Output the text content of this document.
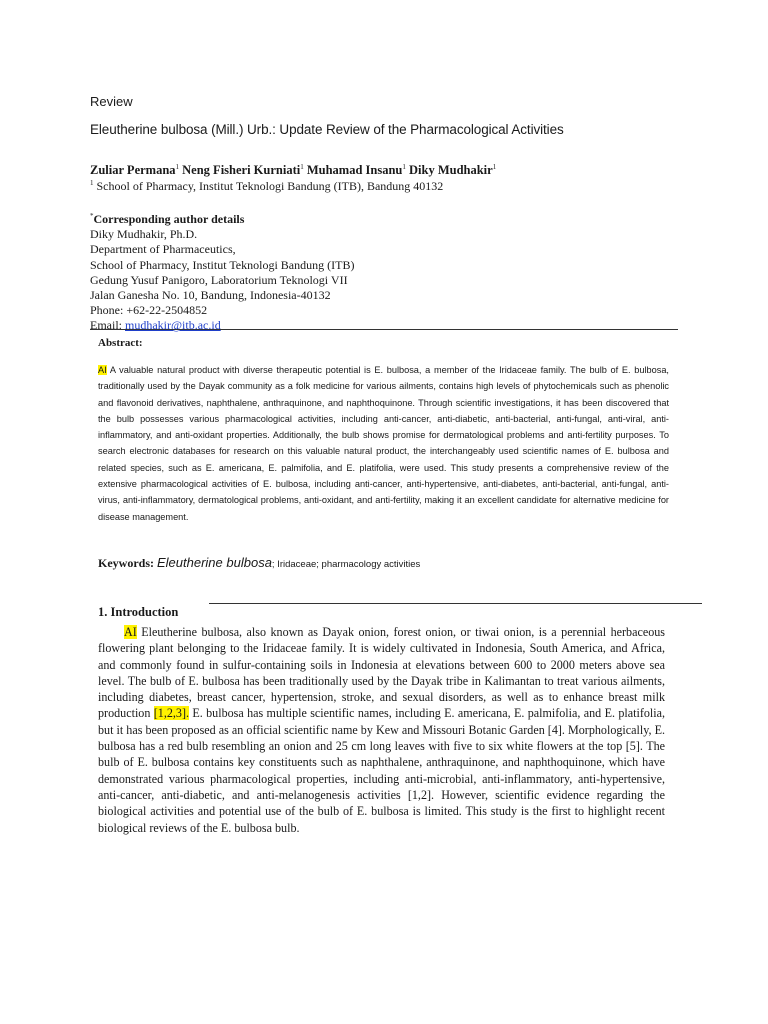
Review
Eleutherine bulbosa (Mill.) Urb.: Update Review of the Pharmacological Activities
Zuliar Permana$^1$ Neng Fisheri Kurniati$^1$ Muhamad Insanu$^1$ Diky Mudhakir$^1$
$^1$ School of Pharmacy, Institut Teknologi Bandung (ITB), Bandung 40132
*Corresponding author details
Diky Mudhakir, Ph.D.
Department of Pharmaceutics,
School of Pharmacy, Institut Teknologi Bandung (ITB)
Gedung Yusuf Panigoro, Laboratorium Teknologi VII
Jalan Ganesha No. 10, Bandung, Indonesia-40132
Phone: +62-22-2504852
Email: mudhakir@itb.ac.id
Abstract:
AI A valuable natural product with diverse therapeutic potential is E. bulbosa, a member of the Iridaceae family. The bulb of E. bulbosa, traditionally used by the Dayak community as a folk medicine for various ailments, contains high levels of phytochemicals such as phenolic and flavonoid derivatives, naphthalene, anthraquinone, and naphthoquinone. Through scientific investigations, it has been discovered that the bulb possesses various pharmacological activities, including anti-cancer, anti-diabetic, anti-bacterial, anti-fungal, anti-viral, anti-inflammatory, and anti-oxidant properties. Additionally, the bulb shows promise for dermatological problems and anti-fertility purposes. To search electronic databases for research on this valuable natural product, the interchangeably used scientific names of E. bulbosa and related species, such as E. americana, E. palmifolia, and E. platifolia, were used. This study presents a comprehensive review of the extensive pharmacological activities of E. bulbosa, including anti-cancer, anti-hypertensive, anti-diabetes, anti-bacterial, anti-fungal, anti-virus, anti-inflammatory, dermatological problems, anti-oxidant, and anti-fertility, making it an excellent candidate for alternative medicine for disease management.
Keywords: Eleutherine bulbosa; Iridaceae; pharmacology activities
1. Introduction
AI Eleutherine bulbosa, also known as Dayak onion, forest onion, or tiwai onion, is a perennial herbaceous flowering plant belonging to the Iridaceae family. It is widely cultivated in Indonesia, South America, and Africa, and commonly found in sulfur-containing soils in Indonesia at elevations between 600 to 2000 meters above sea level. The bulb of E. bulbosa has been traditionally used by the Dayak tribe in Kalimantan to treat various ailments, including diabetes, breast cancer, hypertension, stroke, and sexual disorders, as well as to enhance breast milk production [1,2,3]. E. bulbosa has multiple scientific names, including E. americana, E. palmifolia, and E. platifolia, but it has been proposed as an official scientific name by Kew and Missouri Botanic Garden [4]. Morphologically, E. bulbosa has a red bulb resembling an onion and 25 cm long leaves with five to six white flowers at the top [5]. The bulb of E. bulbosa contains key constituents such as naphthalene, anthraquinone, and naphthoquinone, which have demonstrated various pharmacological properties, including anti-microbial, anti-inflammatory, anti-hypertensive, anti-cancer, anti-diabetic, and anti-melanogenesis activities [1,2]. However, scientific evidence regarding the biological activities and potential use of the bulb of E. bulbosa is limited. This study is the first to highlight recent biological reviews of the E. bulbosa bulb.
